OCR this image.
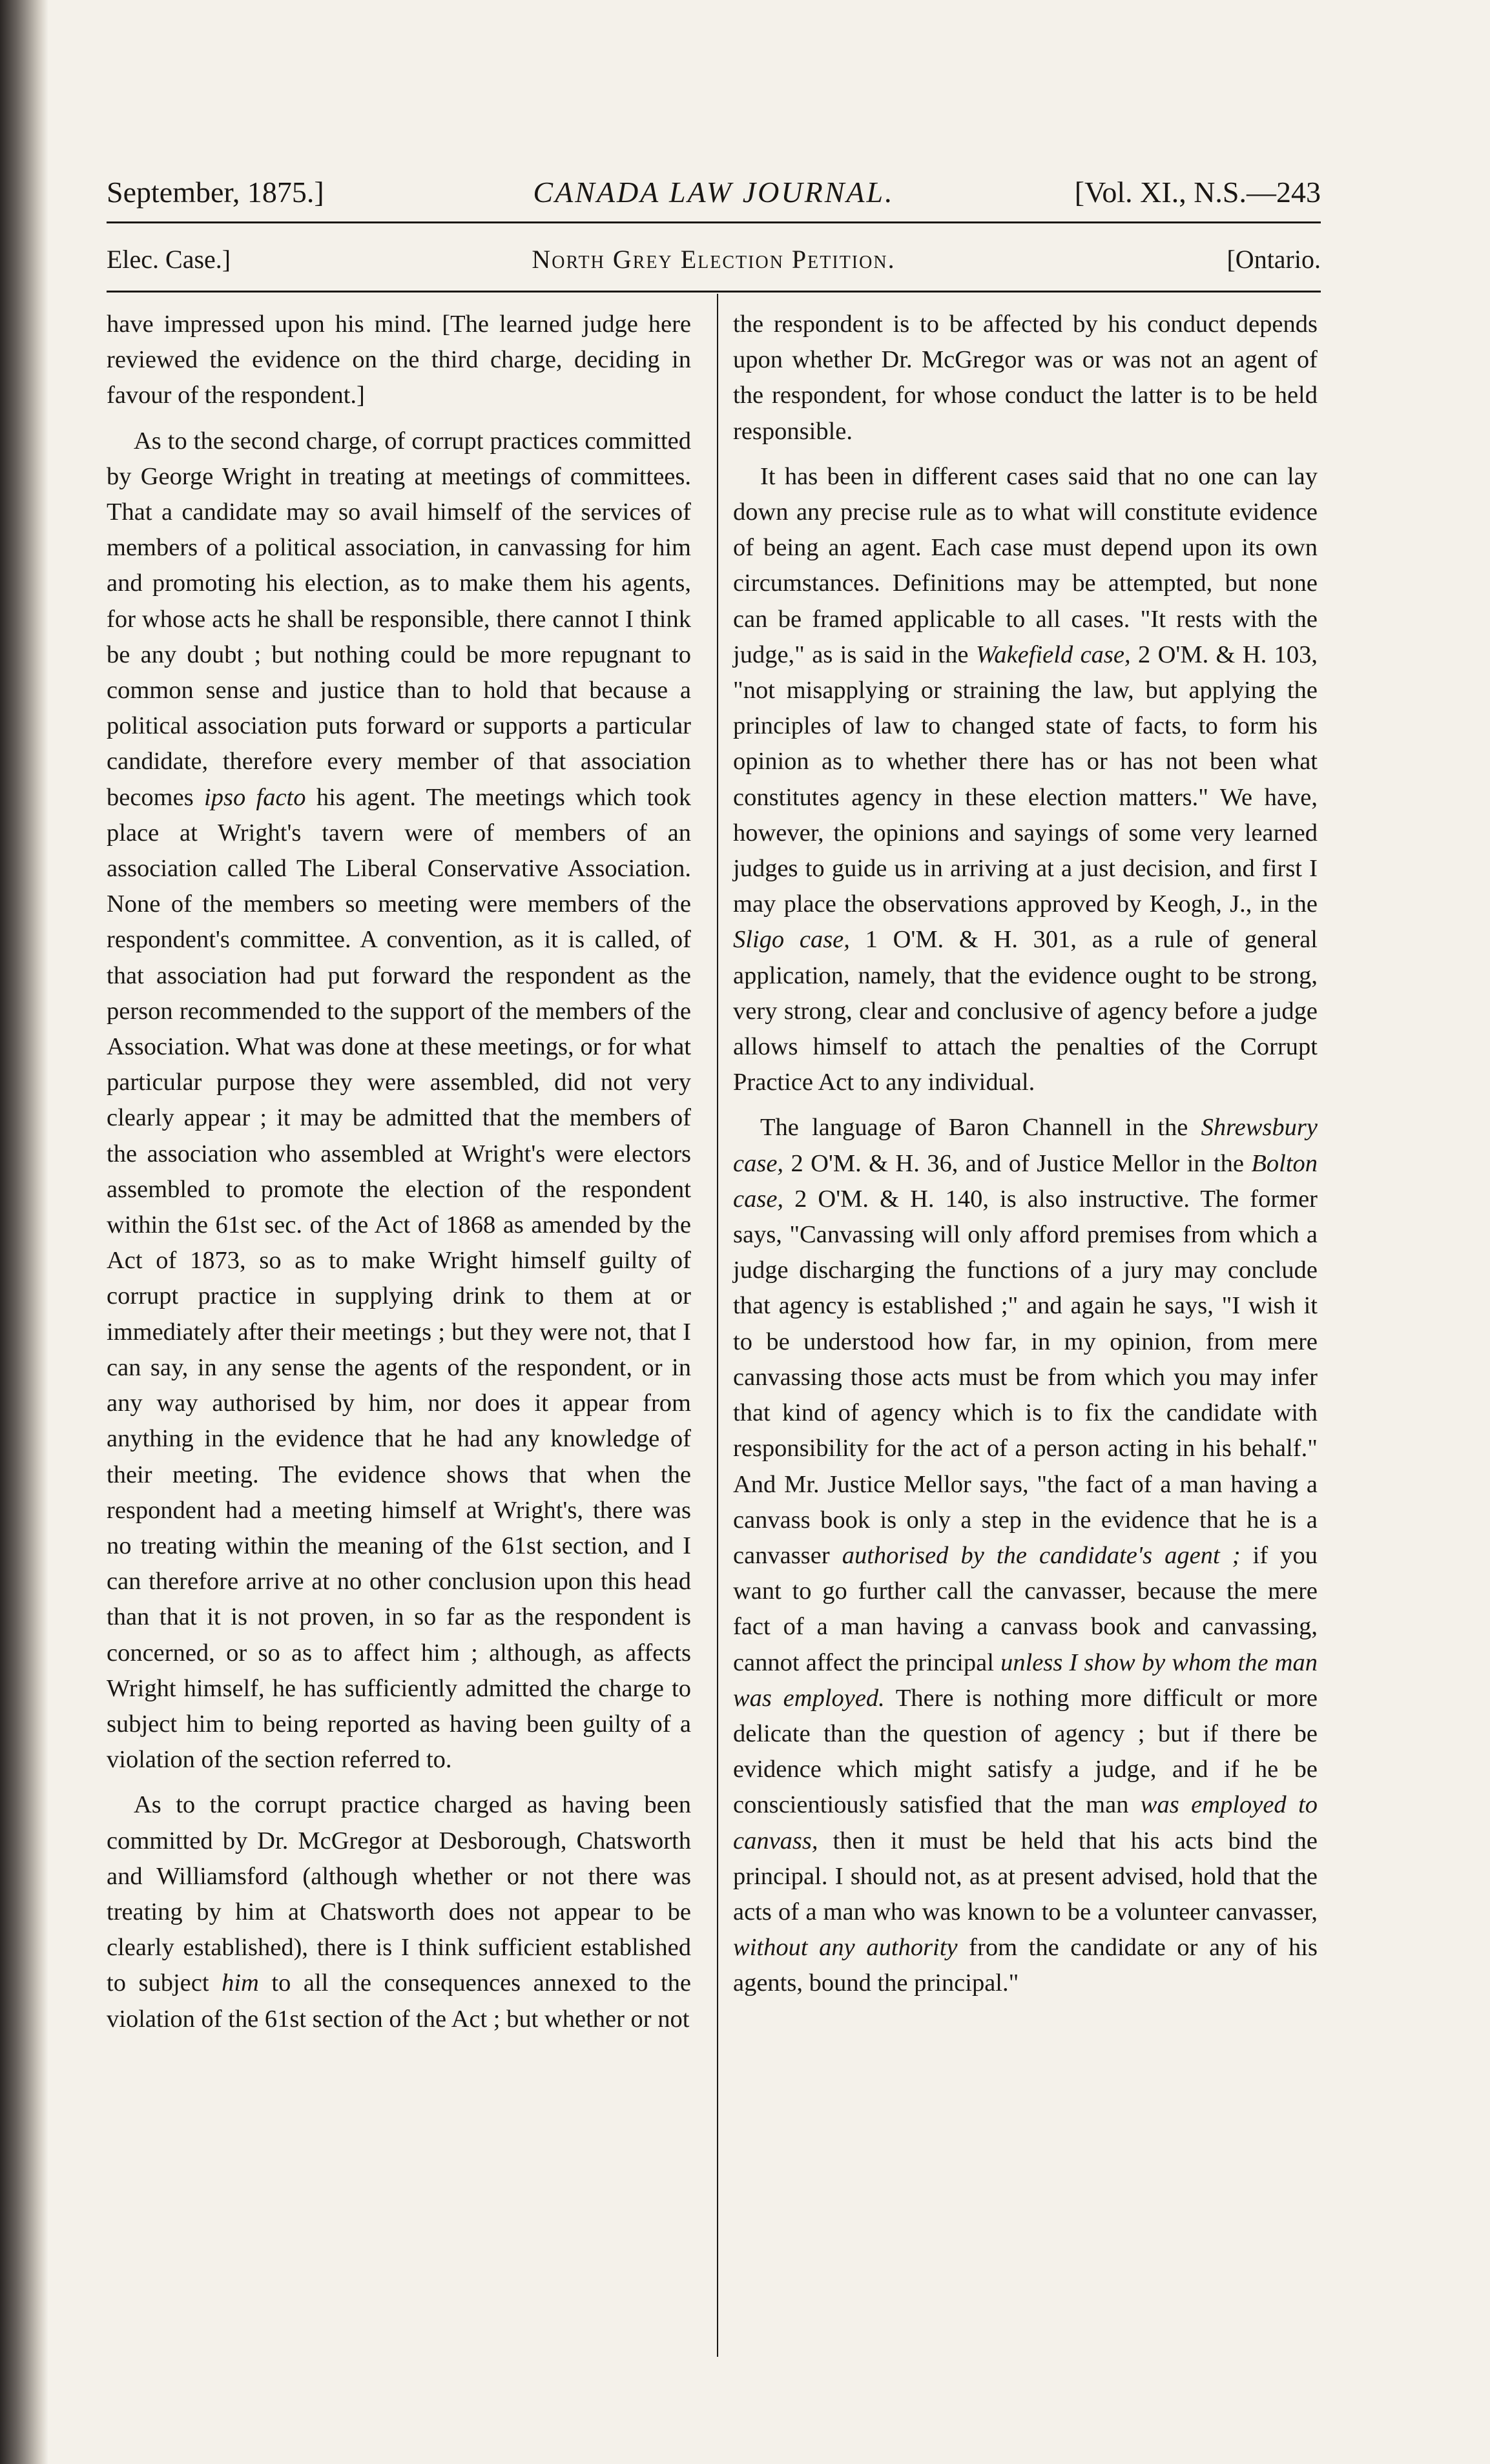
September, 1875.]	CANADA LAW JOURNAL.	[Vol. XI., N.S.—243
Elec. Case.]	North Grey Election Petition.	[Ontario.

have impressed upon his mind. [The learned judge here reviewed the evidence on the third charge, deciding in favour of the respondent.]

As to the second charge, of corrupt practices committed by George Wright in treating at meetings of committees. That a candidate may so avail himself of the services of members of a political association, in canvassing for him and promoting his election, as to make them his agents, for whose acts he shall be responsible, there cannot I think be any doubt ; but nothing could be more repugnant to common sense and justice than to hold that because a political association puts forward or supports a particular candidate, therefore every member of that association becomes ipso facto his agent. The meetings which took place at Wright's tavern were of members of an association called The Liberal Conservative Association. None of the members so meeting were members of the respondent's committee. A convention, as it is called, of that association had put forward the respondent as the person recommended to the support of the members of the Association. What was done at these meetings, or for what particular purpose they were assembled, did not very clearly appear ; it may be admitted that the members of the association who assembled at Wright's were electors assembled to promote the election of the respondent within the 61st sec. of the Act of 1868 as amended by the Act of 1873, so as to make Wright himself guilty of corrupt practice in supplying drink to them at or immediately after their meetings ; but they were not, that I can say, in any sense the agents of the respondent, or in any way authorised by him, nor does it appear from anything in the evidence that he had any knowledge of their meeting. The evidence shows that when the respondent had a meeting himself at Wright's, there was no treating within the meaning of the 61st section, and I can therefore arrive at no other conclusion upon this head than that it is not proven, in so far as the respondent is concerned, or so as to affect him ; although, as affects Wright himself, he has sufficiently admitted the charge to subject him to being reported as having been guilty of a violation of the section referred to.

As to the corrupt practice charged as having been committed by Dr. McGregor at Desborough, Chatsworth and Williamsford (although whether or not there was treating by him at Chatsworth does not appear to be clearly established), there is I think sufficient established to subject him to all the consequences annexed to the violation of the 61st section of the Act ; but whether or not

the respondent is to be affected by his conduct depends upon whether Dr. McGregor was or was not an agent of the respondent, for whose conduct the latter is to be held responsible.

It has been in different cases said that no one can lay down any precise rule as to what will constitute evidence of being an agent. Each case must depend upon its own circumstances. Definitions may be attempted, but none can be framed applicable to all cases. "It rests with the judge," as is said in the Wakefield case, 2 O'M. & H. 103, "not misapplying or straining the law, but applying the principles of law to changed state of facts, to form his opinion as to whether there has or has not been what constitutes agency in these election matters." We have, however, the opinions and sayings of some very learned judges to guide us in arriving at a just decision, and first I may place the observations approved by Keogh, J., in the Sligo case, 1 O'M. & H. 301, as a rule of general application, namely, that the evidence ought to be strong, very strong, clear and conclusive of agency before a judge allows himself to attach the penalties of the Corrupt Practice Act to any individual.

The language of Baron Channell in the Shrewsbury case, 2 O'M. & H. 36, and of Justice Mellor in the Bolton case, 2 O'M. & H. 140, is also instructive. The former says, "Canvassing will only afford premises from which a judge discharging the functions of a jury may conclude that agency is established ;" and again he says, "I wish it to be understood how far, in my opinion, from mere canvassing those acts must be from which you may infer that kind of agency which is to fix the candidate with responsibility for the act of a person acting in his behalf." And Mr. Justice Mellor says, "the fact of a man having a canvass book is only a step in the evidence that he is a canvasser authorised by the candidate's agent ; if you want to go further call the canvasser, because the mere fact of a man having a canvass book and canvassing, cannot affect the principal unless I show by whom the man was employed. There is nothing more difficult or more delicate than the question of agency ; but if there be evidence which might satisfy a judge, and if he be conscientiously satisfied that the man was employed to canvass, then it must be held that his acts bind the principal. I should not, as at present advised, hold that the acts of a man who was known to be a volunteer canvasser, without any authority from the candidate or any of his agents, bound the principal."
